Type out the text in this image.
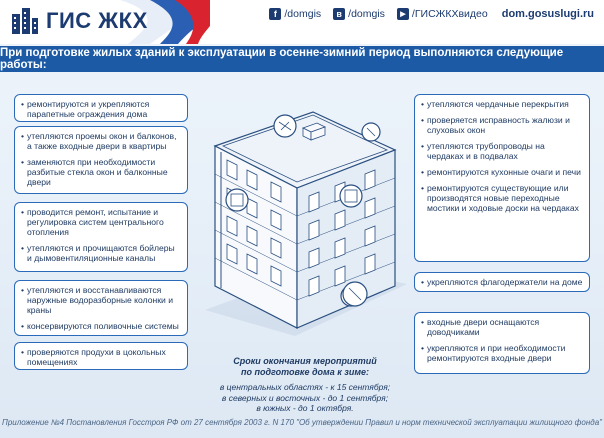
ГИС ЖКХ	f /domgis	в /domgis	▶ /ГИСЖКХвидео dom.gosuslugi.ru
При подготовке жилых зданий к эксплуатации в осенне-зимний период выполняются следующие работы:

• ремонтируются и укрепляются парапетные ограждения дома

• утепляются проемы окон и балконов, а также входные двери в квартиры

• заменяются при необходимости разбитые стекла окон и балконные двери

• проводится ремонт, испытание и регулировка систем центрального отопления

• утепляются и прочищаются бойлеры и дымовентиляционные каналы

• утепляются и восстанавливаются наружные водоразборные колонки и краны

• консервируются поливочные системы

• проверяются продухи в цокольных помещениях

• утепляются чердачные перекрытия

• проверяется исправность жалюзи и слуховых окон

• утепляются трубопроводы на чердаках и в подвалах

• ремонтируются кухонные очаги и печи

• ремонтируются существующие или производятся новые переходные мостики и ходовые доски на чердаках

• укрепляются флагодержатели на доме

• входные двери оснащаются доводчиками

• укрепляются и при необходимости ремонтируются входные двери

Сроки окончания мероприятий
по подготовке дома к зиме:
в центральных областях - к 15 сентября;
в северных и восточных - до 1 сентября;
в южных - до 1 октября.
Приложение №4 Постановления Госстроя РФ от 27 сентября 2003 г. N 170 "Об утверждении Правил и норм технической эксплуатации жилищного фонда"
